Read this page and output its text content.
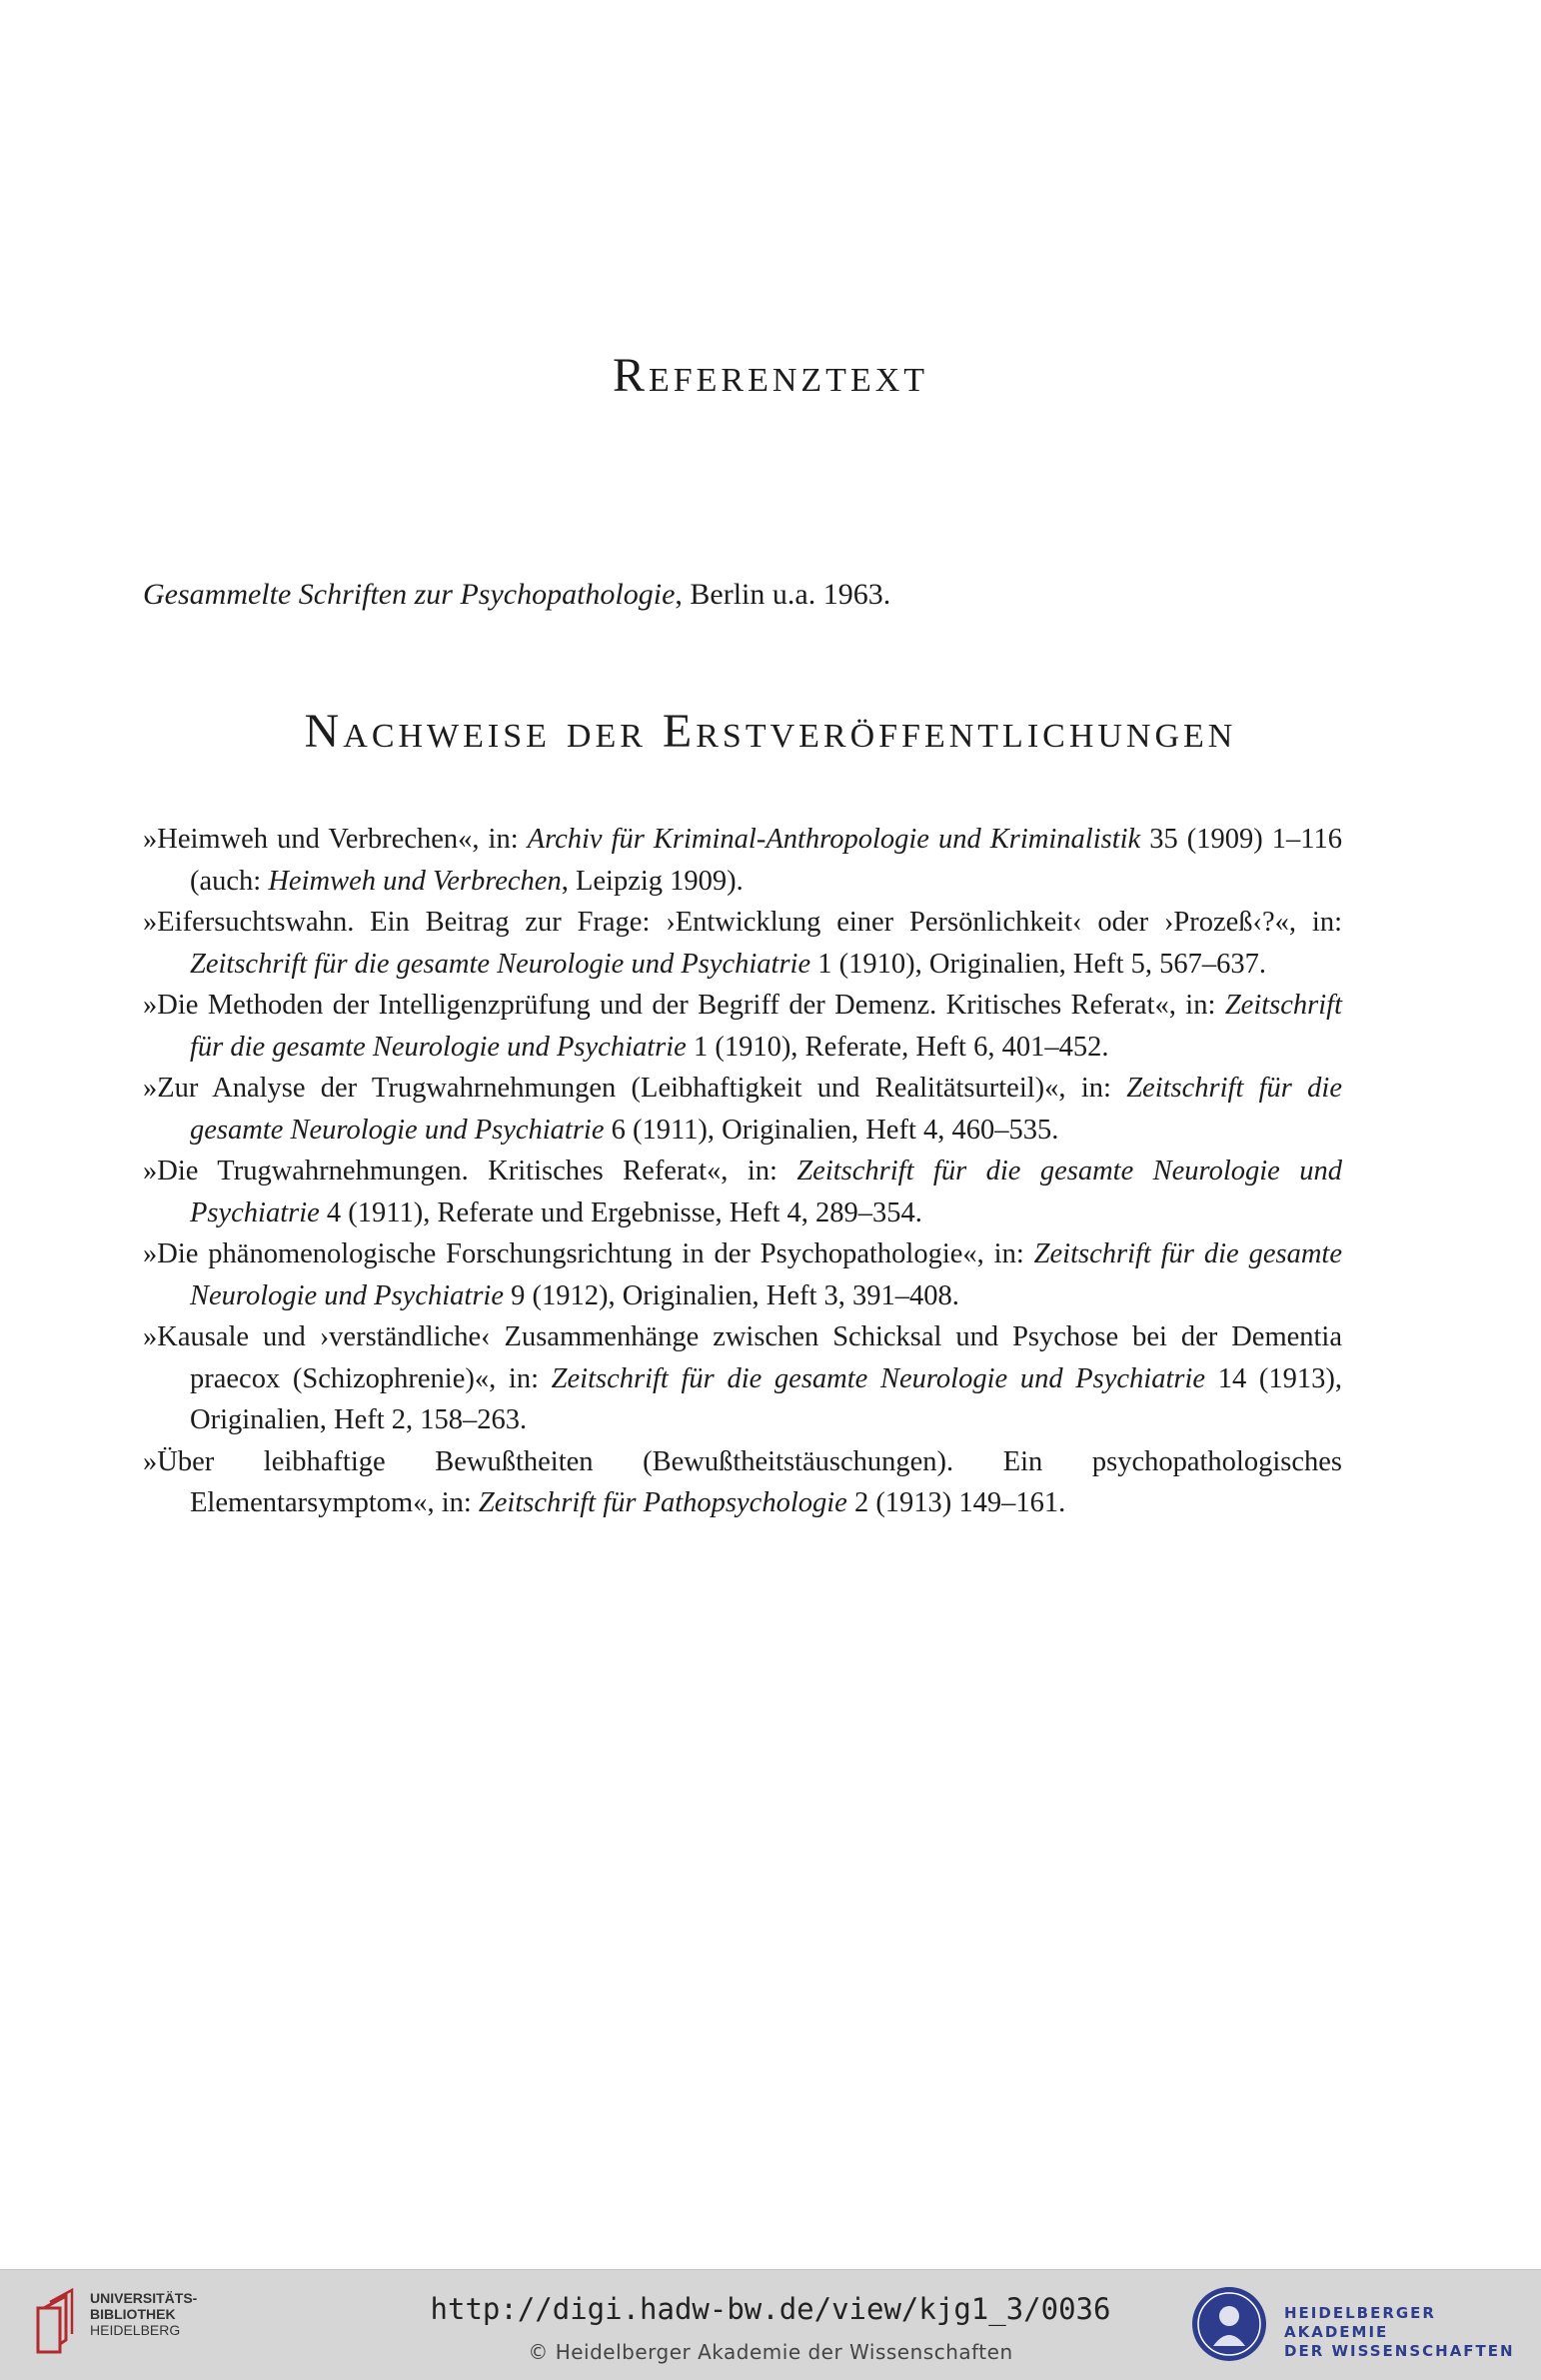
Referenztext

Gesammelte Schriften zur Psychopathologie, Berlin u.a. 1963.

Nachweise der Erstveröffentlichungen
»Heimweh und Verbrechen«, in: Archiv für Kriminal-Anthropologie und Kriminalistik 35 (1909) 1–116 (auch: Heimweh und Verbrechen, Leipzig 1909).
»Eifersuchtswahn. Ein Beitrag zur Frage: ›Entwicklung einer Persönlichkeit‹ oder ›Prozeß‹?«, in: Zeitschrift für die gesamte Neurologie und Psychiatrie 1 (1910), Originalien, Heft 5, 567–637.
»Die Methoden der Intelligenzprüfung und der Begriff der Demenz. Kritisches Referat«, in: Zeitschrift für die gesamte Neurologie und Psychiatrie 1 (1910), Referate, Heft 6, 401–452.
»Zur Analyse der Trugwahrnehmungen (Leibhaftigkeit und Realitätsurteil)«, in: Zeitschrift für die gesamte Neurologie und Psychiatrie 6 (1911), Originalien, Heft 4, 460–535.
»Die Trugwahrnehmungen. Kritisches Referat«, in: Zeitschrift für die gesamte Neurologie und Psychiatrie 4 (1911), Referate und Ergebnisse, Heft 4, 289–354.
»Die phänomenologische Forschungsrichtung in der Psychopathologie«, in: Zeitschrift für die gesamte Neurologie und Psychiatrie 9 (1912), Originalien, Heft 3, 391–408.
»Kausale und ›verständliche‹ Zusammenhänge zwischen Schicksal und Psychose bei der Dementia praecox (Schizophrenie)«, in: Zeitschrift für die gesamte Neurologie und Psychiatrie 14 (1913), Originalien, Heft 2, 158–263.
»Über leibhaftige Bewußtheiten (Bewußtheitstäuschungen). Ein psychopathologisches Elementarsymptom«, in: Zeitschrift für Pathopsychologie 2 (1913) 149–161.
UNIVERSITÄTS-
BIBLIOTHEK
HEIDELBERG
http://digi.hadw-bw.de/view/kjg1_3/0036
© Heidelberger Akademie der Wissenschaften
HEIDELBERGER AKADEMIE
DER WISSENSCHAFTEN
